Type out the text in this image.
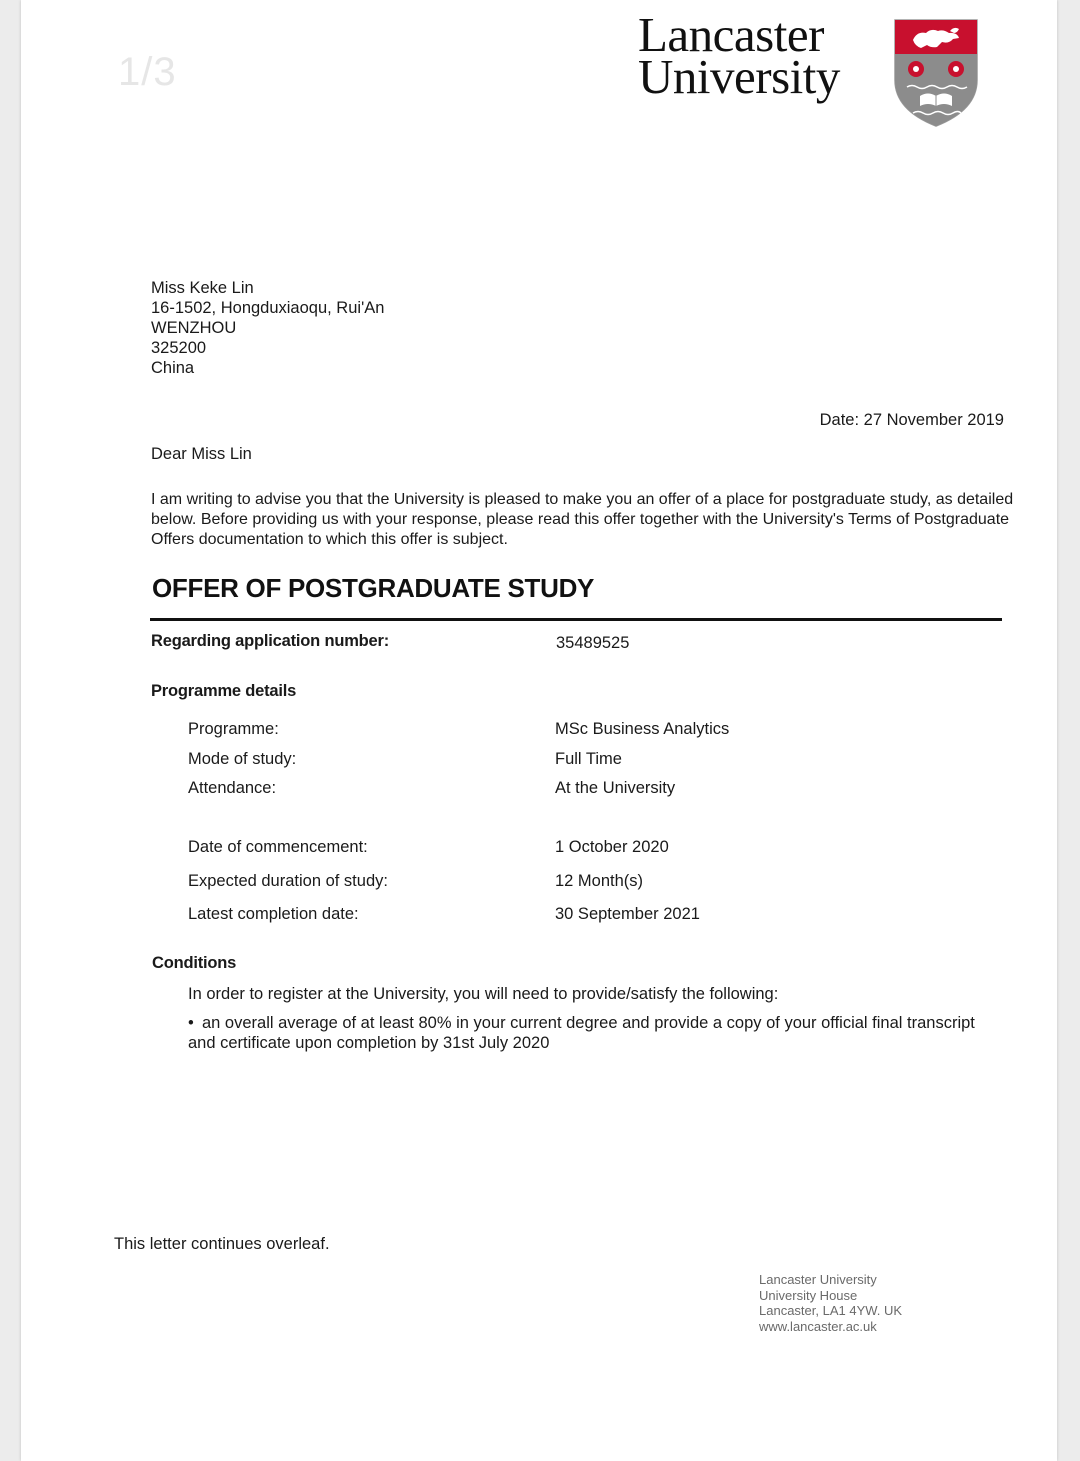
1/3
Lancaster
University
Miss Keke Lin
16-1502, Hongduxiaoqu, Rui'An
WENZHOU
325200
China
Date: 27 November 2019
Dear Miss Lin
I am writing to advise you that the University is pleased to make you an offer of a place for postgraduate study, as detailed below. Before providing us with your response, please read this offer together with the University's Terms of Postgraduate Offers documentation to which this offer is subject.
OFFER OF POSTGRADUATE STUDY
Regarding application number:	35489525
Programme details
Programme:	MSc Business Analytics
Mode of study:	Full Time
Attendance:	At the University
Date of commencement:	1 October 2020
Expected duration of study:	12 Month(s)
Latest completion date:	30 September 2021
Conditions
In order to register at the University, you will need to provide/satisfy the following:
• an overall average of at least 80% in your current degree and provide a copy of your official final transcript and certificate upon completion by 31st July 2020
This letter continues overleaf.
Lancaster University
University House
Lancaster, LA1 4YW. UK
www.lancaster.ac.uk
